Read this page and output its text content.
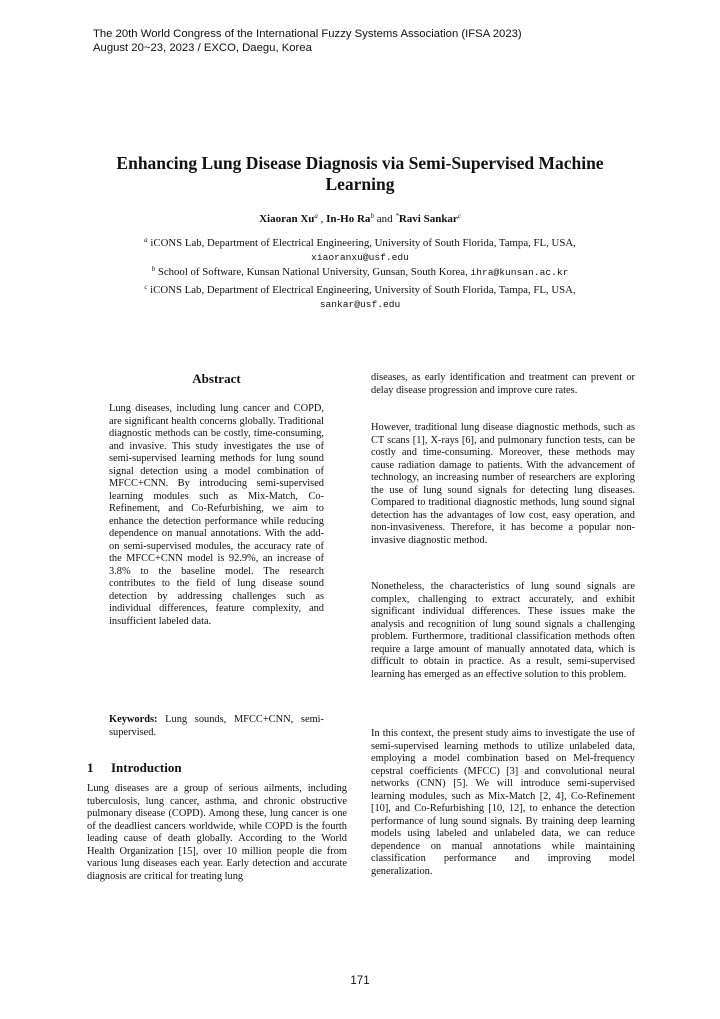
The 20th World Congress of the International Fuzzy Systems Association (IFSA 2023)
August 20~23, 2023 / EXCO, Daegu, Korea
Enhancing Lung Disease Diagnosis via Semi-Supervised Machine Learning
Xiaoran Xu$^a$ , In-Ho Ra$^b$ and *Ravi Sankar$^c$
$^a$ iCONS Lab, Department of Electrical Engineering, University of South Florida, Tampa, FL, USA,
xiaoranxu@usf.edu
$^b$ School of Software, Kunsan National University, Gunsan, South Korea, ihra@kunsan.ac.kr
$^c$ iCONS Lab, Department of Electrical Engineering, University of South Florida, Tampa, FL, USA,
sankar@usf.edu
Abstract

Lung diseases, including lung cancer and COPD, are significant health concerns globally. Traditional diagnostic methods can be costly, time-consuming, and invasive. This study investigates the use of semi-supervised learning methods for lung sound signal detection using a model combination of MFCC+CNN. By introducing semi-supervised learning modules such as Mix-Match, Co-Refinement, and Co-Refurbishing, we aim to enhance the detection performance while reducing dependence on manual annotations. With the add-on semi-supervised modules, the accuracy rate of the MFCC+CNN model is 92.9%, an increase of 3.8% to the baseline model. The research contributes to the field of lung disease sound detection by addressing challenges such as individual differences, feature complexity, and insufficient labeled data.

Keywords: Lung sounds, MFCC+CNN, semi-supervised.

1 Introduction

Lung diseases are a group of serious ailments, including tuberculosis, lung cancer, asthma, and chronic obstructive pulmonary disease (COPD). Among these, lung cancer is one of the deadliest cancers worldwide, while COPD is the fourth leading cause of death globally. According to the World Health Organization [15], over 10 million people die from various lung diseases each year. Early detection and accurate diagnosis are critical for treating lung

diseases, as early identification and treatment can prevent or delay disease progression and improve cure rates.

However, traditional lung disease diagnostic methods, such as CT scans [1], X-rays [6], and pulmonary function tests, can be costly and time-consuming. Moreover, these methods may cause radiation damage to patients. With the advancement of technology, an increasing number of researchers are exploring the use of lung sound signals for detecting lung diseases. Compared to traditional diagnostic methods, lung sound signal detection has the advantages of low cost, easy operation, and non-invasiveness. Therefore, it has become a popular non-invasive diagnostic method.

Nonetheless, the characteristics of lung sound signals are complex, challenging to extract accurately, and exhibit significant individual differences. These issues make the analysis and recognition of lung sound signals a challenging problem. Furthermore, traditional classification methods often require a large amount of manually annotated data, which is difficult to obtain in practice. As a result, semi-supervised learning has emerged as an effective solution to this problem.

In this context, the present study aims to investigate the use of semi-supervised learning methods to utilize unlabeled data, employing a model combination based on Mel-frequency cepstral coefficients (MFCC) [3] and convolutional neural networks (CNN) [5]. We will introduce semi-supervised learning modules, such as Mix-Match [2, 4], Co-Refinement [10], and Co-Refurbishing [10, 12], to enhance the detection performance of lung sound signals. By training deep learning models using labeled and unlabeled data, we can reduce dependence on manual annotations while maintaining classification performance and improving model generalization.

171
